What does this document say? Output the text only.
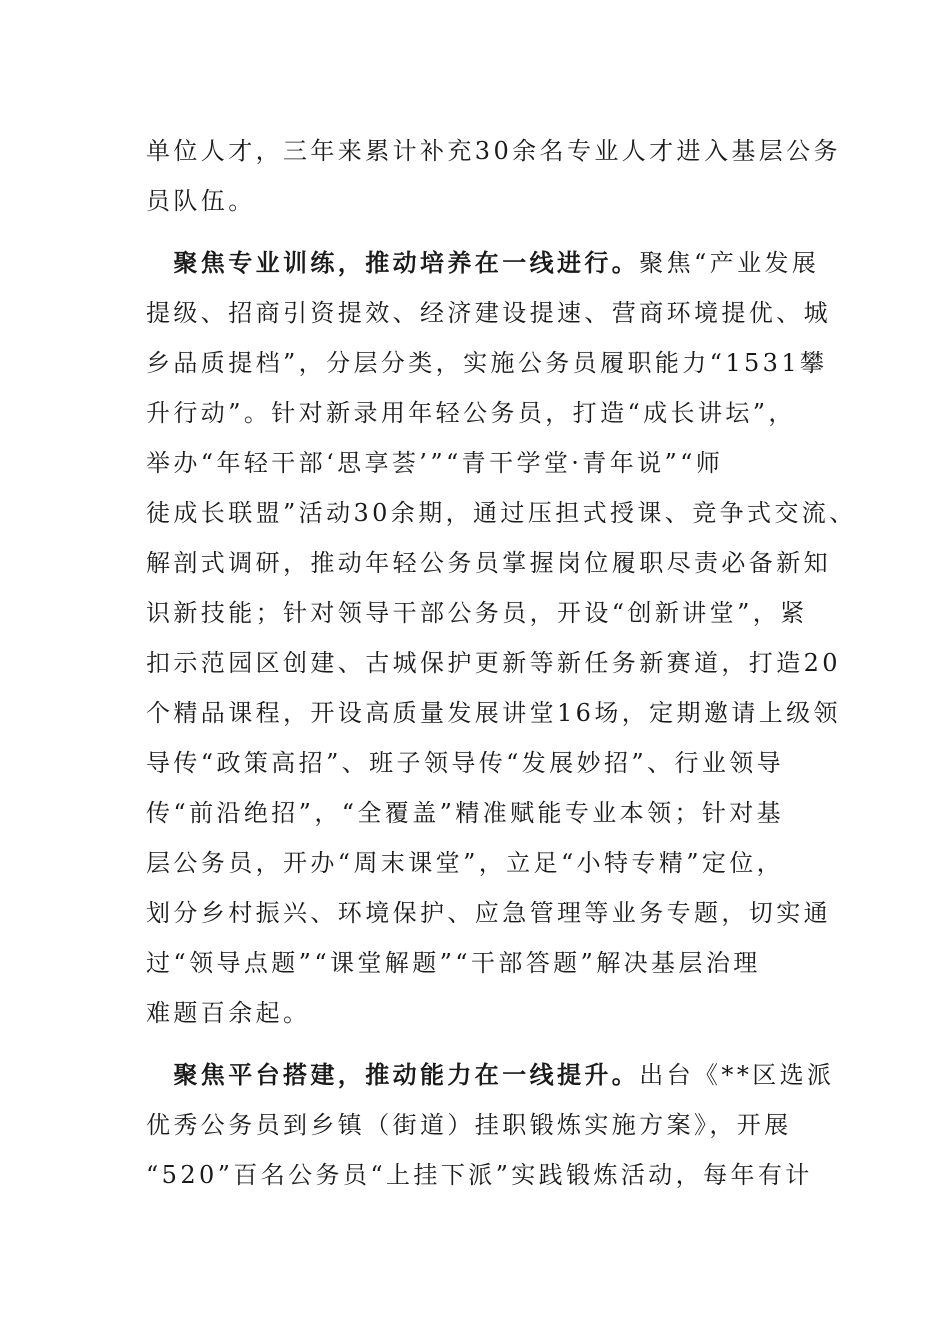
单位人才，三年来累计补充30余名专业人才进入基层公务
员队伍。
　聚焦专业训练，推动培养在一线进行。聚焦“产业发展
提级、招商引资提效、经济建设提速、营商环境提优、城
乡品质提档”，分层分类，实施公务员履职能力“1531攀
升行动”。针对新录用年轻公务员，打造“成长讲坛”，
举办“年轻干部‘思享荟’”“青干学堂·青年说”“师
徒成长联盟”活动30余期，通过压担式授课、竞争式交流、
解剖式调研，推动年轻公务员掌握岗位履职尽责必备新知
识新技能；针对领导干部公务员，开设“创新讲堂”，紧
扣示范园区创建、古城保护更新等新任务新赛道，打造20
个精品课程，开设高质量发展讲堂16场，定期邀请上级领
导传“政策高招”、班子领导传“发展妙招”、行业领导
传“前沿绝招”，“全覆盖”精准赋能专业本领；针对基
层公务员，开办“周末课堂”，立足“小特专精”定位，
划分乡村振兴、环境保护、应急管理等业务专题，切实通
过“领导点题”“课堂解题”“干部答题”解决基层治理
难题百余起。
　聚焦平台搭建，推动能力在一线提升。出台《**区选派
优秀公务员到乡镇（街道）挂职锻炼实施方案》，开展
“520”百名公务员“上挂下派”实践锻炼活动，每年有计
